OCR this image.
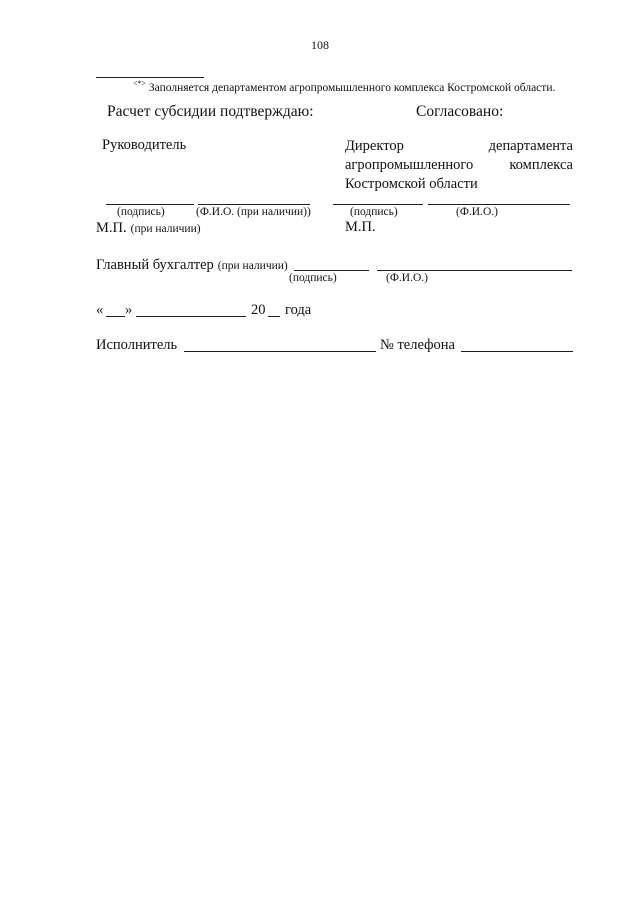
108
<*> Заполняется департаментом агропромышленного комплекса Костромской области.
Расчет субсидии подтверждаю:	Согласовано:
Руководитель	Директор	департамента
агропромышленного комплекса
Костромской области
(подпись)	(Ф.И.О. (при наличии))	(подпись)	(Ф.И.О.)
М.П. (при наличии)	М.П.
Главный бухгалтер (при наличии)
(подпись)	(Ф.И.О.)
« »	20 года
Исполнитель	№ телефона
